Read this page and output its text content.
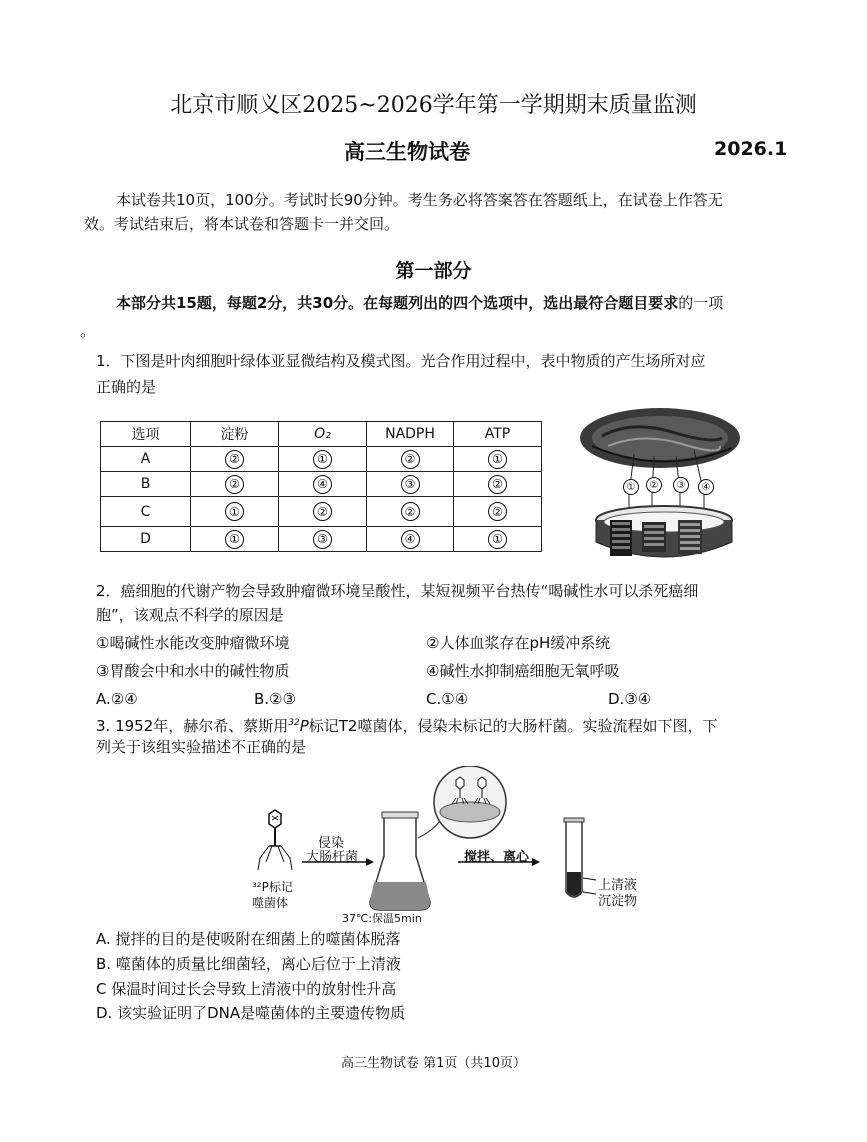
北京市顺义区2025~2026学年第一学期期末质量监测
高三生物试卷	2026.1
本试卷共10页，100分。考试时长90分钟。考生务必将答案答在答题纸上，在试卷上作答无
效。考试结束后，将本试卷和答题卡一并交回。
第一部分
本部分共15题，每题2分，共30分。在每题列出的四个选项中，选出最符合题目要求的一项
。
1．下图是叶肉细胞叶绿体亚显微结构及模式图。光合作用过程中，表中物质的产生场所对应
正确的是
选项	淀粉	O₂	NADPH	ATP
A	②	①	②	①
B	②	④	③	②
C	①	②	②	②
D	①	③	④	①
①	②	③	④
2．癌细胞的代谢产物会导致肿瘤微环境呈酸性，某短视频平台热传“喝碱性水可以杀死癌细
胞”，该观点不科学的原因是
①喝碱性水能改变肿瘤微环境	②人体血浆存在pH缓冲系统
③胃酸会中和水中的碱性物质	④碱性水抑制癌细胞无氧呼吸
A.②④	B.②③	C.①④	D.③④
3. 1952年，赫尔希、蔡斯用$^{32}$P标记T2噬菌体，侵染未标记的大肠杆菌。实验流程如下图，下
列关于该组实验描述不正确的是
³²P标记
噬菌体
侵染
大肠杆菌
37℃:保温5min
搅拌、离心
上清液
沉淀物
A. 搅拌的目的是使吸附在细菌上的噬菌体脱落
B. 噬菌体的质量比细菌轻，离心后位于上清液
C 保温时间过长会导致上清液中的放射性升高
D. 该实验证明了DNA是噬菌体的主要遗传物质
高三生物试卷 第1页（共10页）
